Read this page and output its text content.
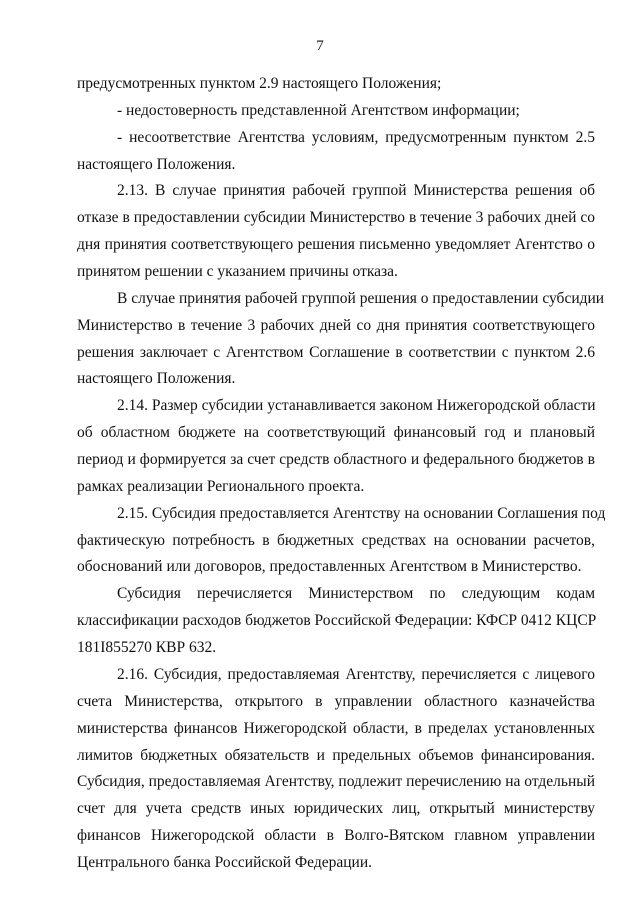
7
предусмотренных пунктом 2.9 настоящего Положения;
- недостоверность представленной Агентством информации;
- несоответствие Агентства условиям, предусмотренным пунктом 2.5
настоящего Положения.
2.13. В случае принятия рабочей группой Министерства решения об
отказе в предоставлении субсидии Министерство в течение 3 рабочих дней со
дня принятия соответствующего решения письменно уведомляет Агентство о
принятом решении с указанием причины отказа.
В случае принятия рабочей группой решения о предоставлении субсидии
Министерство в течение 3 рабочих дней со дня принятия соответствующего
решения заключает с Агентством Соглашение в соответствии с пунктом 2.6
настоящего Положения.
2.14. Размер субсидии устанавливается законом Нижегородской области
об областном бюджете на соответствующий финансовый год и плановый
период и формируется за счет средств областного и федерального бюджетов в
рамках реализации Регионального проекта.
2.15. Субсидия предоставляется Агентству на основании Соглашения под
фактическую потребность в бюджетных средствах на основании расчетов,
обоснований или договоров, предоставленных Агентством в Министерство.
Субсидия перечисляется Министерством по следующим кодам
классификации расходов бюджетов Российской Федерации: КФСР 0412 КЦСР
181I855270 КВР 632.
2.16. Субсидия, предоставляемая Агентству, перечисляется с лицевого
счета Министерства, открытого в управлении областного казначейства
министерства финансов Нижегородской области, в пределах установленных
лимитов бюджетных обязательств и предельных объемов финансирования.
Субсидия, предоставляемая Агентству, подлежит перечислению на отдельный
счет для учета средств иных юридических лиц, открытый министерству
финансов Нижегородской области в Волго-Вятском главном управлении
Центрального банка Российской Федерации.
